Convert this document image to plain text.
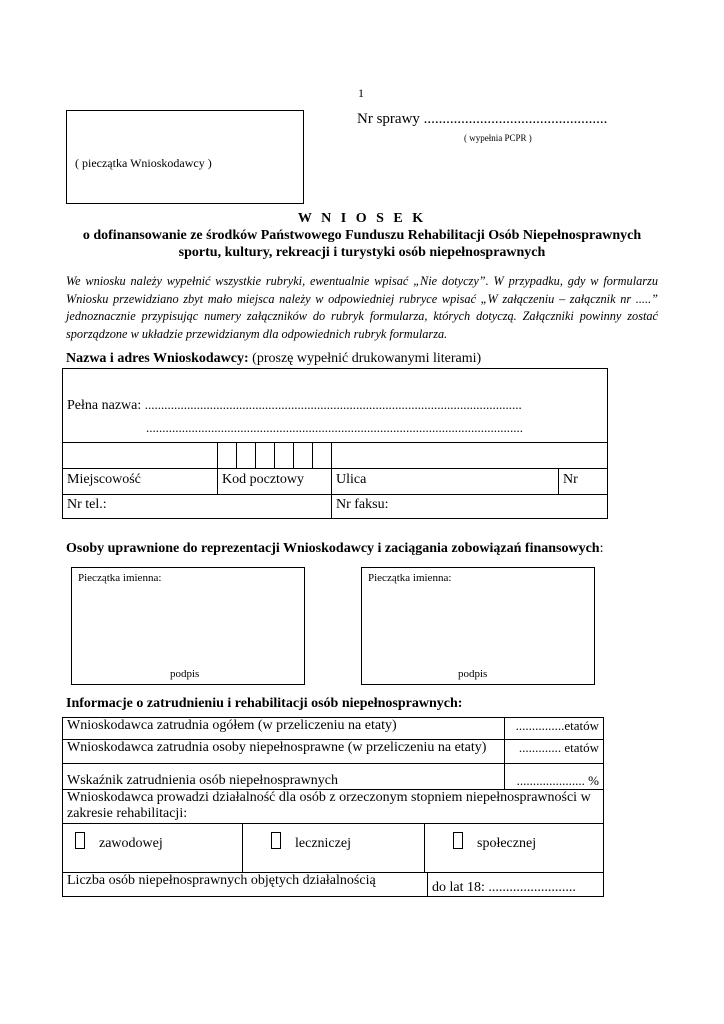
1
( pieczątka Wnioskodawcy )
Nr sprawy .................................................
( wypełnia PCPR )
W N I O S E K
o dofinansowanie ze środków Państwowego Funduszu Rehabilitacji Osób Niepełnosprawnych
sportu, kultury, rekreacji i turystyki osób niepełnosprawnych
We wniosku należy wypełnić wszystkie rubryki, ewentualnie wpisać „Nie dotyczy”. W przypadku, gdy w formularzu Wniosku przewidziano zbyt mało miejsca należy w odpowiedniej rubryce wpisać „W załączeniu – załącznik nr .....” jednoznacznie przypisując numery załączników do rubryk formularza, których dotyczą. Załączniki powinny zostać sporządzone w układzie przewidzianym dla odpowiednich rubryk formularza.
Nazwa i adres Wnioskodawcy: (proszę wypełnić drukowanymi literami)
Pełna nazwa: ....................................................................................................................
....................................................................................................................								

Miejscowość	Kod pocztowy						Ulica	Nr
Nr tel.:							Nr faksu:	
Osoby uprawnione do reprezentacji Wnioskodawcy i zaciągania zobowiązań finansowych:
Pieczątka imienna:
podpis
Pieczątka imienna:
podpis
Informacje o zatrudnieniu i rehabilitacji osób niepełnosprawnych:
Wnioskodawca zatrudnia ogółem (w przeliczeniu na etaty)		...............etatów
Wnioskodawca zatrudnia osoby niepełnosprawne (w przeliczeniu na etaty)		............. etatów
Wskaźnik zatrudnienia osób niepełnosprawnych		..................... %
Wnioskodawca prowadzi działalność dla osób z orzeczonym stopniem niepełnosprawności w zakresie rehabilitacji:		

zawodowej leczniczej społecznej		

Liczba osób niepełnosprawnych objętych działalnością	do lat 18: .........................	
